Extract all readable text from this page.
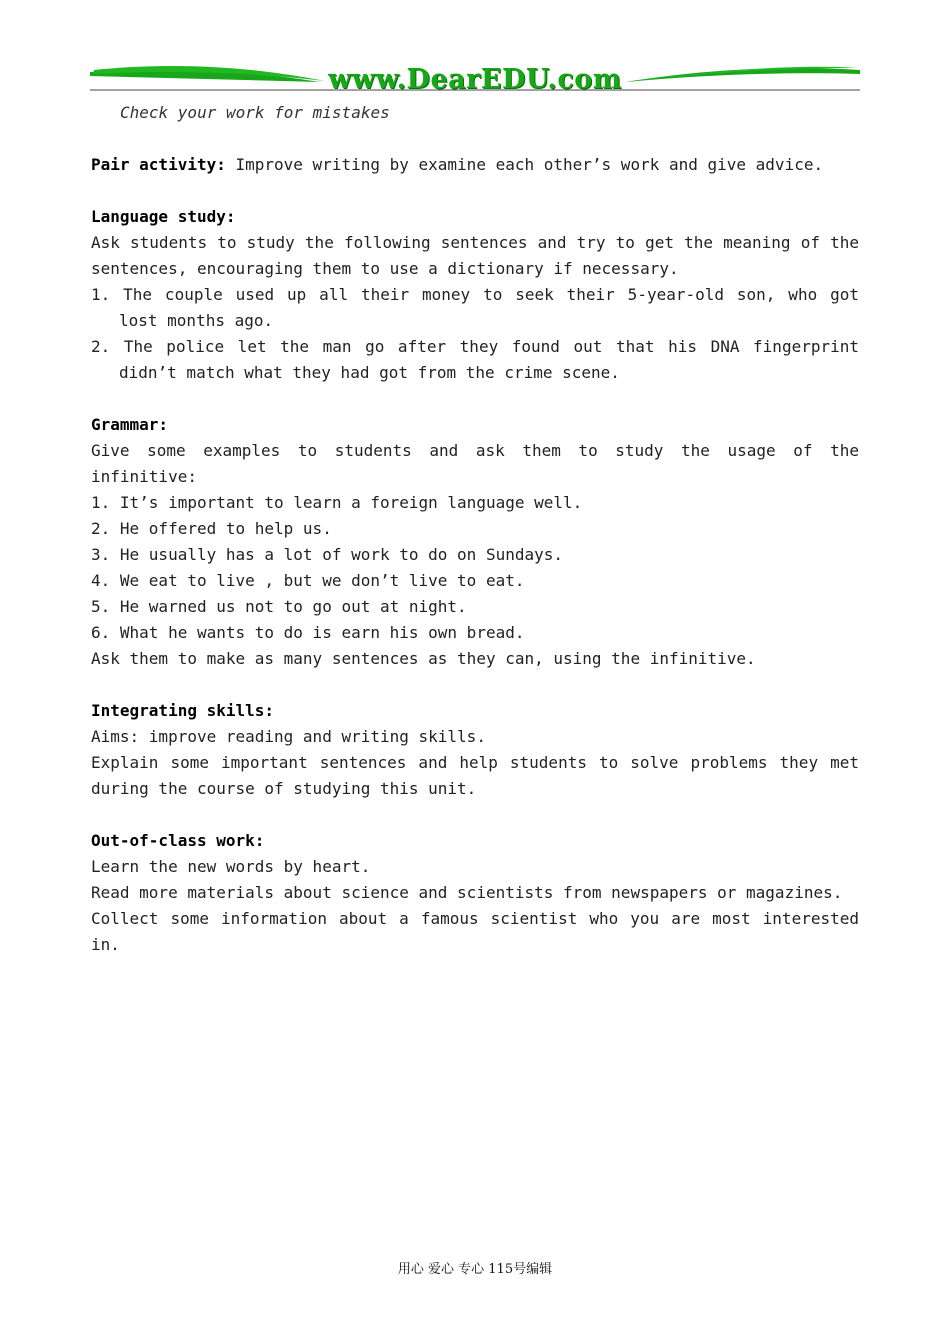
www.DearEDU.com

Check your work for mistakes

Pair activity: Improve writing by examine each other’s work and give advice.

Language study:

Ask students to study the following sentences and try to get the meaning of the sentences, encouraging them to use a dictionary if necessary.

1. The couple used up all their money to seek their 5-year-old son, who got lost months ago.

2. The police let the man go after they found out that his DNA fingerprint didn’t match what they had got from the crime scene.

Grammar:

Give some examples to students and ask them to study the usage of the infinitive:

1. It’s important to learn a foreign language well.

2. He offered to help us.

3. He usually has a lot of work to do on Sundays.

4. We eat to live , but we don’t live to eat.

5. He warned us not to go out at night.

6. What he wants to do is earn his own bread.

Ask them to make as many sentences as they can, using the infinitive.

Integrating skills:

Aims: improve reading and writing skills.

Explain some important sentences and help students to solve problems they met during the course of studying this unit.

Out-of-class work:

Learn the new words by heart.

Read more materials about science and scientists from newspapers or magazines.

Collect some information about a famous scientist who you are most interested in.

用心 爱心 专心 115号编辑
